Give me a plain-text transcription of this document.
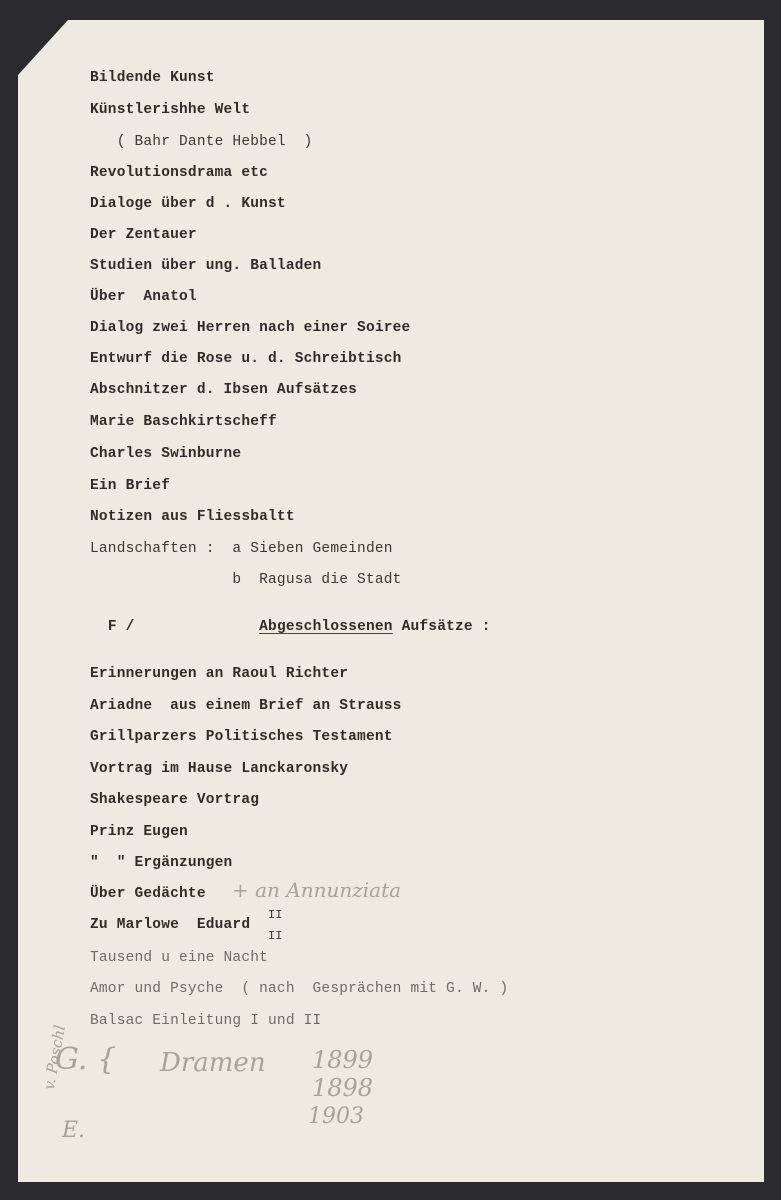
Bildende Kunst
Künstlerishhe Welt
( Bahr Dante Hebbel  )
Revolutionsdrama etc
Dialoge über d . Kunst
Der Zentauer
Studien über ung. Balladen
Über  Anatol
Dialog zwei Herren nach einer Soiree
Entwurf die Rose u. d. Schreibtisch
Abschnitzer d. Ibsen Aufsätzes
Marie Baschkirtscheff
Charles Swinburne
Ein Brief
Notizen aus Fliessbaltt
Landschaften :  a Sieben Gemeinden
b  Ragusa die Stadt

F /	Abgeschlossenen Aufsätze :

Erinnerungen an Raoul Richter
Ariadne  aus einem Brief an Strauss
Grillparzers Politisches Testament
Vortrag im Hause Lanckaronsky
Shakespeare Vortrag
Prinz Eugen
"  " Ergänzungen
Über Gedächte
Zu Marlowe  Eduard
Tausend u eine Nacht
Amor und Psyche  ( nach  Gesprächen mit G. W. )
Balsac Einleitung I und II
+ an Annunziata
II
II
G. {
v. Poschl
E.
Dramen 1899
1898
1903
